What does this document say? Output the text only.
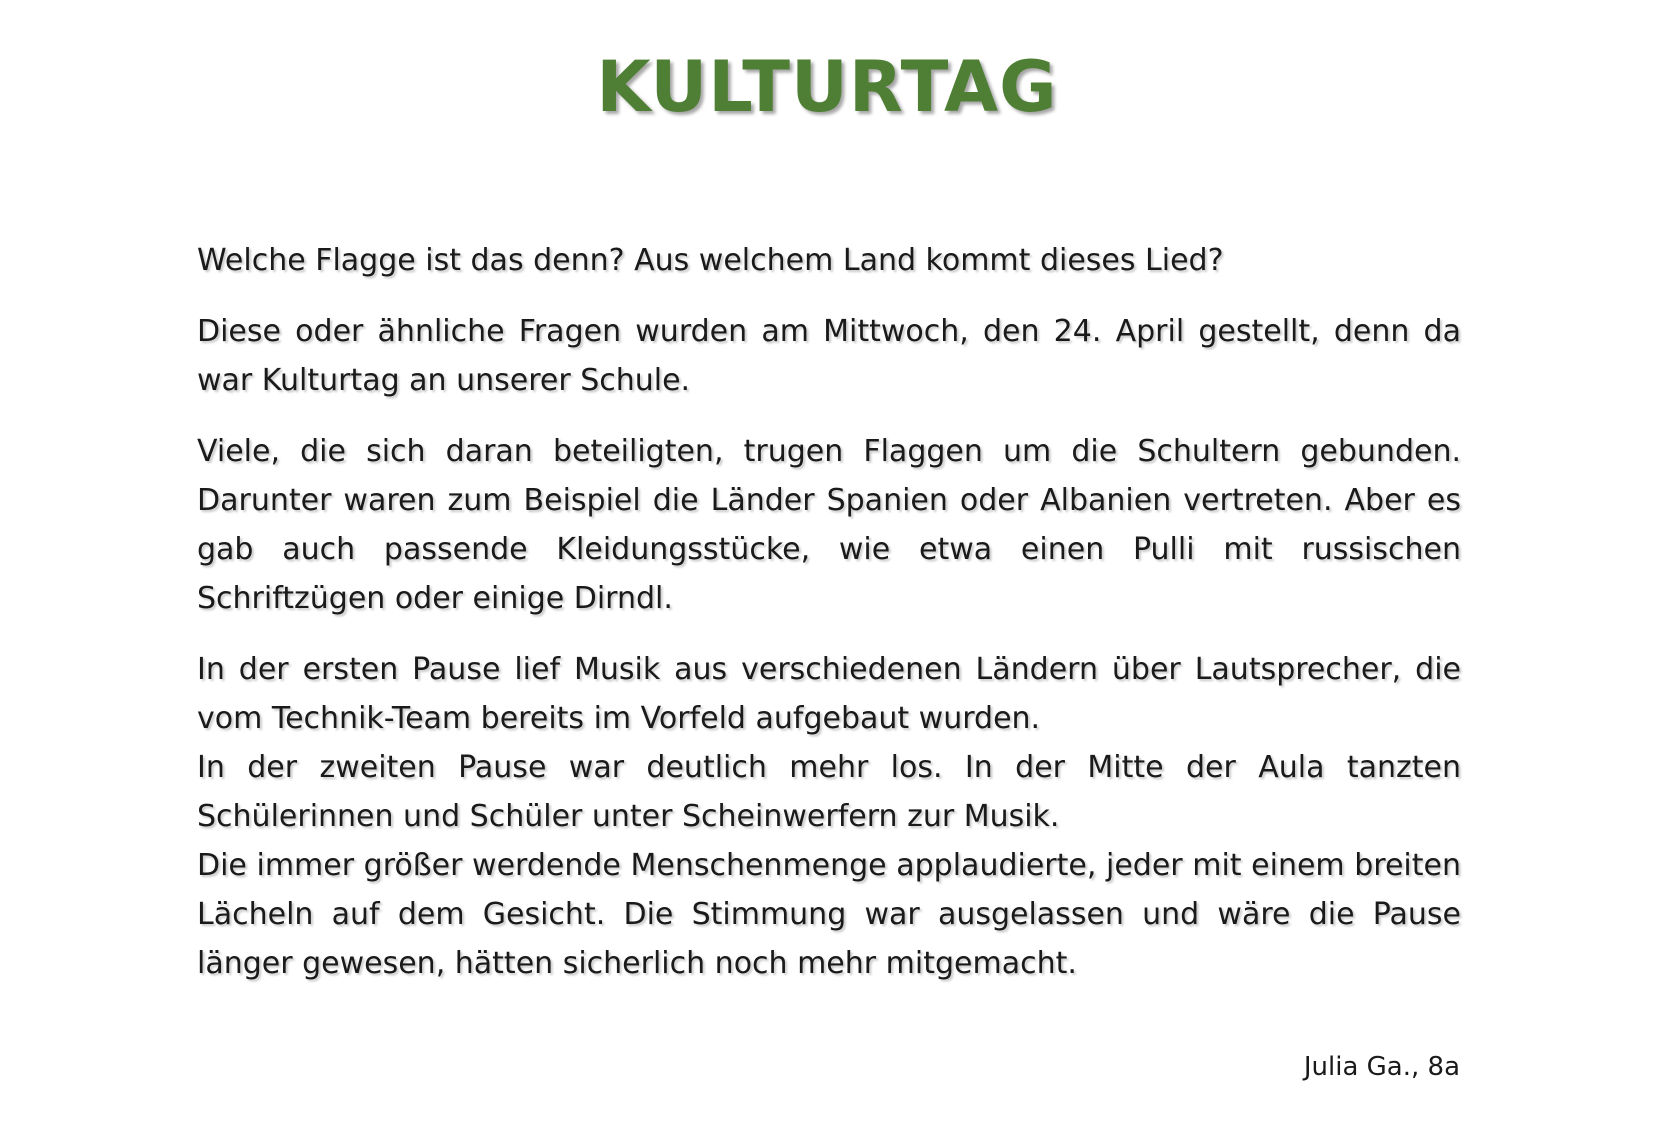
KULTURTAG

Welche Flagge ist das denn? Aus welchem Land kommt dieses Lied?

Diese oder ähnliche Fragen wurden am Mittwoch, den 24. April gestellt, denn da war Kulturtag an unserer Schule.

Viele, die sich daran beteiligten, trugen Flaggen um die Schultern gebunden. Darunter waren zum Beispiel die Länder Spanien oder Albanien vertreten. Aber es gab auch passende Kleidungsstücke, wie etwa einen Pulli mit russischen Schriftzügen oder einige Dirndl.

In der ersten Pause lief Musik aus verschiedenen Ländern über Lautsprecher, die vom Technik-Team bereits im Vorfeld aufgebaut wurden.

In der zweiten Pause war deutlich mehr los. In der Mitte der Aula tanzten Schülerinnen und Schüler unter Scheinwerfern zur Musik.

Die immer größer werdende Menschenmenge applaudierte, jeder mit einem breiten Lächeln auf dem Gesicht. Die Stimmung war ausgelassen und wäre die Pause länger gewesen, hätten sicherlich noch mehr mitgemacht.

Julia Ga., 8a
